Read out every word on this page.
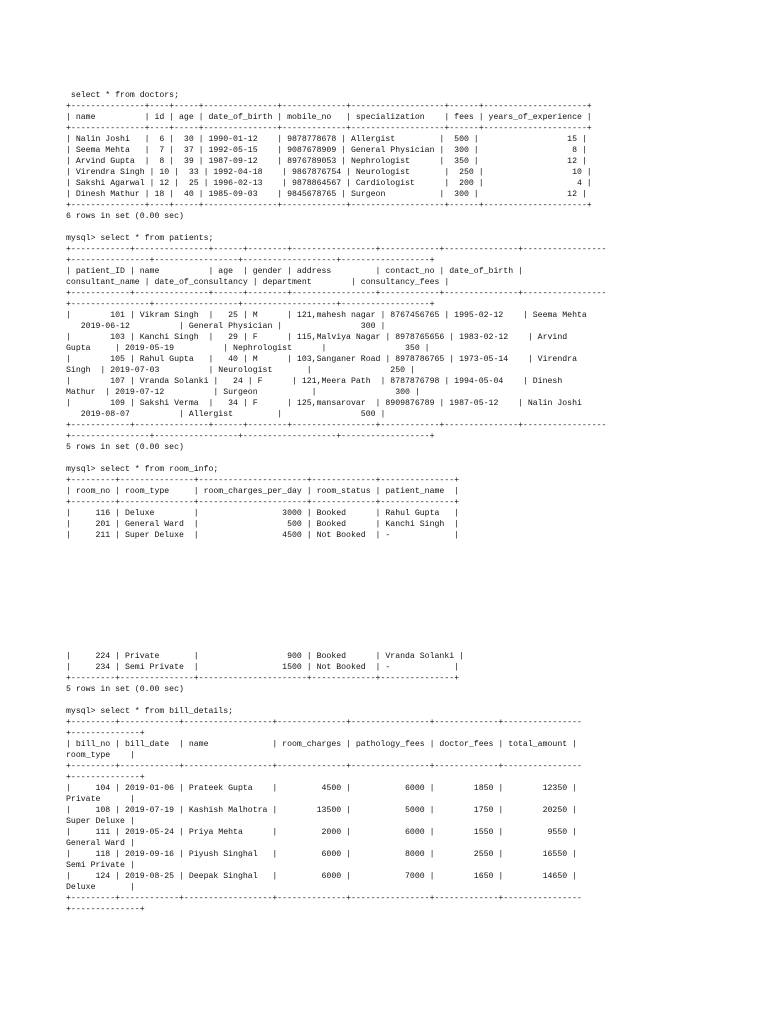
select * from doctors;
+---------------+----+-----+---------------+-------------+-------------------+------+---------------------+
| name          | id | age | date_of_birth | mobile_no   | specialization    | fees | years_of_experience |
+---------------+----+-----+---------------+-------------+-------------------+------+---------------------+
| Nalin Joshi   |  6 |  30 | 1990-01-12    | 9878778678 | Allergist         |  500 |                  15 |
| Seema Mehta   |  7 |  37 | 1992-05-15    | 9087678909 | General Physician |  300 |                   8 |
| Arvind Gupta  |  8 |  39 | 1987-09-12    | 8976789053 | Nephrologist      |  350 |                  12 |
| Virendra Singh | 10 |  33 | 1992-04-18    | 9867876754 | Neurologist       |  250 |                  10 |
| Sakshi Agarwal | 12 |  25 | 1996-02-13    | 9878864567 | Cardiologist      |  200 |                   4 |
| Dinesh Mathur | 18 |  40 | 1985-09-03    | 9845678765 | Surgeon           |  300 |                  12 |
+---------------+----+-----+---------------+-------------+-------------------+------+---------------------+
6 rows in set (0.00 sec)
mysql> select * from patients;
+------------+---------------+------+--------+-----------------+------------+---------------+-----------------
+----------------+-----------------+-------------------+------------------+
| patient_ID | name          | age  | gender | address         | contact_no | date_of_birth |
consultant_name | date_of_consultancy | department        | consultancy_fees |
+------------+---------------+------+--------+-----------------+------------+---------------+-----------------
+----------------+-----------------+-------------------+------------------+
|        101 | Vikram Singh  |   25 | M      | 121,mahesh nagar | 8767456765 | 1995-02-12    | Seema Mehta
2019-06-12          | General Physician |                300 |
|        103 | Kanchi Singh  |   29 | F      | 115,Malviya Nagar | 8978765656 | 1983-02-12    | Arvind
Gupta     | 2019-05-19          | Nephrologist      |                350 |
|        105 | Rahul Gupta   |   40 | M      | 103,Sanganer Road | 8978786765 | 1973-05-14    | Virendra
Singh  | 2019-07-03          | Neurologist       |                250 |
|        107 | Vranda Solanki |   24 | F      | 121,Meera Path  | 8787876798 | 1994-05-04    | Dinesh
Mathur  | 2019-07-12          | Surgeon           |                300 |
|        109 | Sakshi Verma  |   34 | F      | 125,mansarovar  | 8909876789 | 1987-05-12    | Nalin Joshi
2019-08-07          | Allergist         |                500 |
+------------+---------------+------+--------+-----------------+------------+---------------+-----------------
+----------------+-----------------+-------------------+------------------+
5 rows in set (0.00 sec)
mysql> select * from room_info;
+---------+---------------+----------------------+-------------+---------------+
| room_no | room_type     | room_charges_per_day | room_status | patient_name  |
+---------+---------------+----------------------+-------------+---------------+
|     116 | Deluxe        |                 3000 | Booked      | Rahul Gupta   |
|     201 | General Ward  |                  500 | Booked      | Kanchi Singh  |
|     211 | Super Deluxe  |                 4500 | Not Booked  | -             |
|     224 | Private       |                  900 | Booked      | Vranda Solanki |
|     234 | Semi Private  |                 1500 | Not Booked  | -             |
+---------+---------------+----------------------+-------------+---------------+
5 rows in set (0.00 sec)
mysql> select * from bill_details;
+---------+------------+------------------+--------------+----------------+-------------+----------------
+--------------+
| bill_no | bill_date  | name             | room_charges | pathology_fees | doctor_fees | total_amount |
room_type    |
+---------+------------+------------------+--------------+----------------+-------------+----------------
+--------------+
|     104 | 2019-01-06 | Prateek Gupta    |         4500 |           6000 |        1850 |        12350 |
Private      |
|     108 | 2019-07-19 | Kashish Malhotra |        13500 |           5000 |        1750 |        20250 |
Super Deluxe |
|     111 | 2019-05-24 | Priya Mehta      |         2000 |           6000 |        1550 |         9550 |
General Ward |
|     118 | 2019-09-16 | Piyush Singhal   |         6000 |           8000 |        2550 |        16550 |
Semi Private |
|     124 | 2019-08-25 | Deepak Singhal   |         6000 |           7000 |        1650 |        14650 |
Deluxe       |
+---------+------------+------------------+--------------+----------------+-------------+----------------
+--------------+
